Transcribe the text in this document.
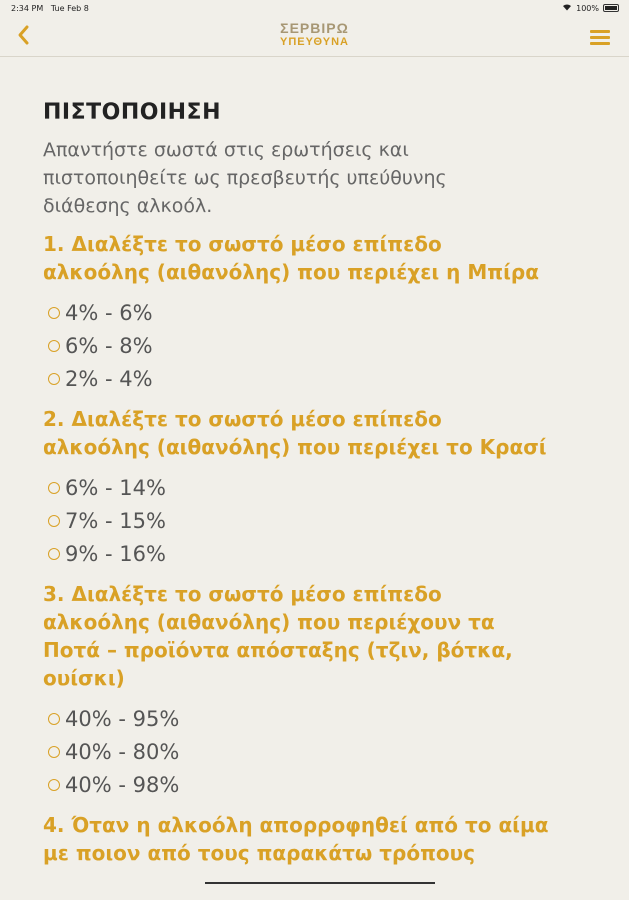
2:34 PM Tue Feb 8	100%
ΣΕΡΒΙΡΩ
ΥΠΕΥΘΥΝΑ
ΠΙΣΤΟΠΟΙΗΣΗ
Απαντήστε σωστά στις ερωτήσεις και
πιστοποιηθείτε ως πρεσβευτής υπεύθυνης
διάθεσης αλκοόλ.
1. Διαλέξτε το σωστό μέσο επίπεδο
αλκοόλης (αιθανόλης) που περιέχει η Μπίρα
4% - 6%
6% - 8%
2% - 4%
2. Διαλέξτε το σωστό μέσο επίπεδο
αλκοόλης (αιθανόλης) που περιέχει το Κρασί
6% - 14%
7% - 15%
9% - 16%
3. Διαλέξτε το σωστό μέσο επίπεδο
αλκοόλης (αιθανόλης) που περιέχουν τα
Ποτά – προϊόντα απόσταξης (τζιν, βότκα,
ουίσκι)
40% - 95%
40% - 80%
40% - 98%
4. Όταν η αλκοόλη απορροφηθεί από το αίμα
με ποιον από τους παρακάτω τρόπους
